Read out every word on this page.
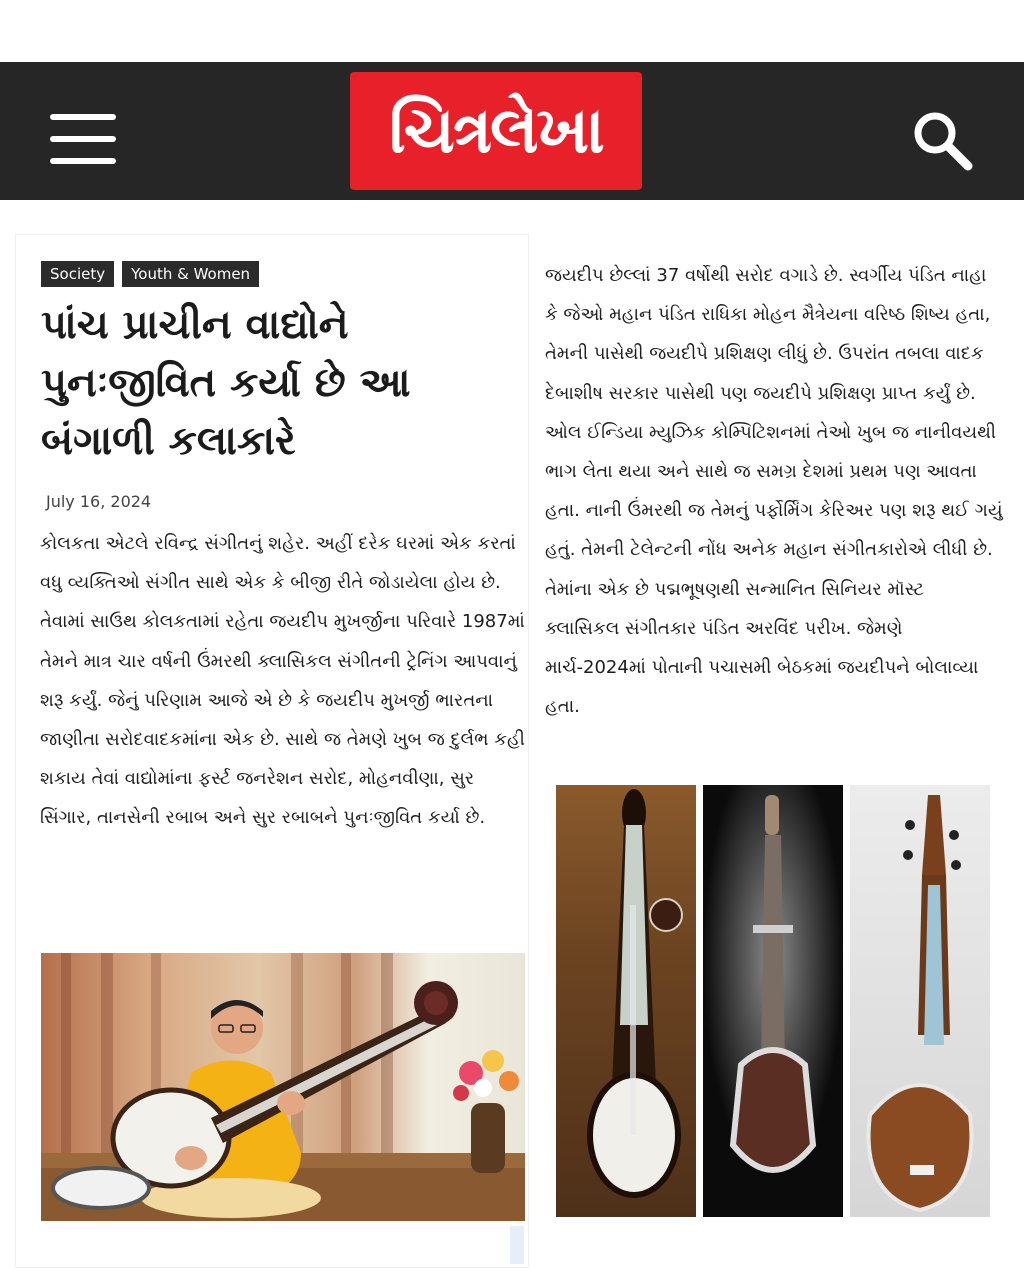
ચિત્રલેખા
Society	Youth & Women
પાંચ પ્રાચીન વાદ્યોને પુનઃજીવિત કર્યા છે આ બંગાળી કલાકારે
July 16, 2024

કોલકતા એટલે રવિન્દ્ર સંગીતનું શહેર. અહીં દરેક ઘરમાં એક કરતાં વધુ વ્યક્તિઓ સંગીત સાથે એક કે બીજી રીતે જોડાયેલા હોય છે. તેવામાં સાઉથ કોલકતામાં રહેતા જયદીપ મુખર્જીના પરિવારે 1987માં તેમને માત્ર ચાર વર્ષની ઉંમરથી ક્લાસિકલ સંગીતની ટ્રેનિંગ આપવાનું શરૂ કર્યું. જેનું પરિણામ આજે એ છે કે જયદીપ મુખર્જી ભારતના જાણીતા સરોદવાદકમાંના એક છે. સાથે જ તેમણે ખુબ જ દુર્લભ કહી શકાય તેવાં વાદ્યોમાંના ફર્સ્ટ જનરેશન સરોદ, મોહનવીણા, સુર સિંગાર, તાનસેની રબાબ અને સુર રબાબને પુનઃજીવિત કર્યા છે.

જયદીપ છેલ્લાં 37 વર્ષોથી સરોદ વગાડે છે. સ્વર્ગીય પંડિત નાહા કે જેઓ મહાન પંડિત રાધિકા મોહન મૈત્રેયના વરિષ્ઠ શિષ્ય હતા, તેમની પાસેથી જયદીપે પ્રશિક્ષણ લીધું છે. ઉપરાંત તબલા વાદક દેબાશીષ સરકાર પાસેથી પણ જયદીપે પ્રશિક્ષણ પ્રાપ્ત કર્યું છે. ઓલ ઈન્ડિયા મ્યુઝિક કોમ્પિટિશનમાં તેઓ ખુબ જ નાનીવયથી ભાગ લેતા થયા અને સાથે જ સમગ્ર દેશમાં પ્રથમ પણ આવતા હતા. નાની ઉંમરથી જ તેમનું પર્ફોર્મિંગ કેરિઅર પણ શરૂ થઈ ગયું હતું. તેમની ટેલેન્ટની નોંધ અનેક મહાન સંગીતકારોએ લીધી છે. તેમાંના એક છે પદ્મભૂષણથી સન્માનિત સિનિયર મૉસ્ટ ક્લાસિકલ સંગીતકાર પંડિત અરવિંદ પરીખ. જેમણે માર્ચ-2024માં પોતાની પચાસમી બેઠકમાં જયદીપને બોલાવ્યા હતા.
